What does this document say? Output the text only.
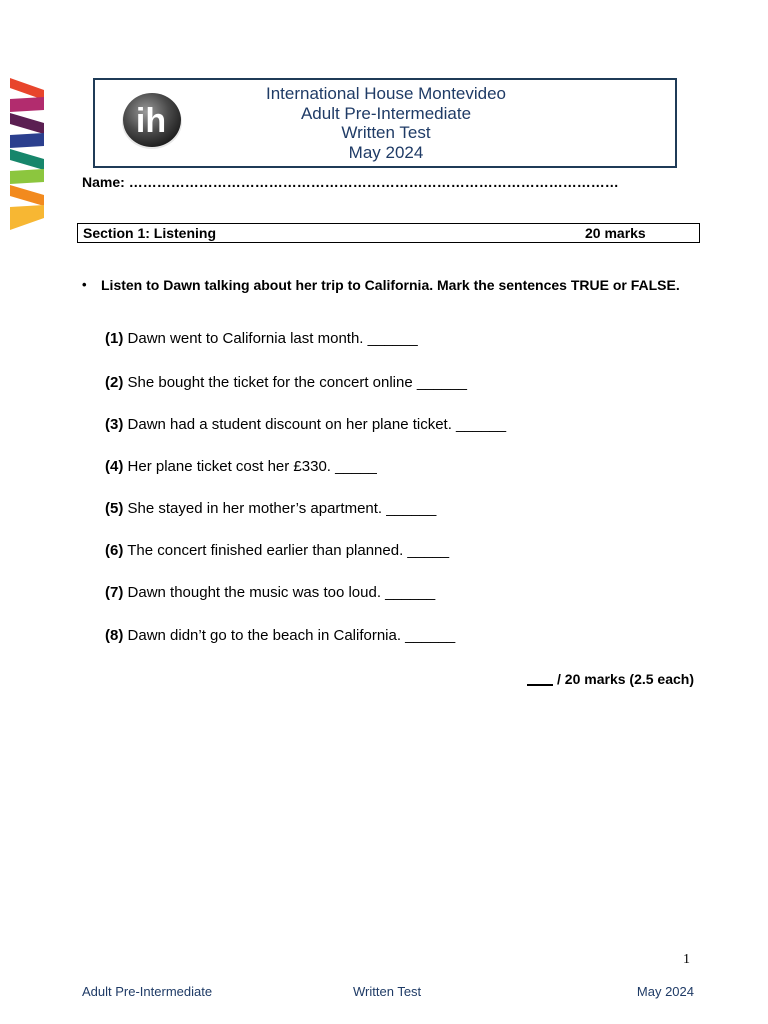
ih
International House Montevideo
Adult Pre-Intermediate
Written Test
May 2024
Name: ……………………………………………………………………………………………
Section 1: Listening	20 marks
•	Listen to Dawn talking about her trip to California. Mark the sentences TRUE or FALSE.
(1) Dawn went to California last month. ______
(2) She bought the ticket for the concert online ______
(3) Dawn had a student discount on her plane ticket. ______
(4) Her plane ticket cost her £330. _____
(5) She stayed in her mother’s apartment. ______
(6) The concert finished earlier than planned. _____
(7) Dawn thought the music was too loud. ______
(8) Dawn didn’t go to the beach in California. ______
/ 20 marks (2.5 each)
1
Adult Pre-Intermediate	Written Test	May 2024
